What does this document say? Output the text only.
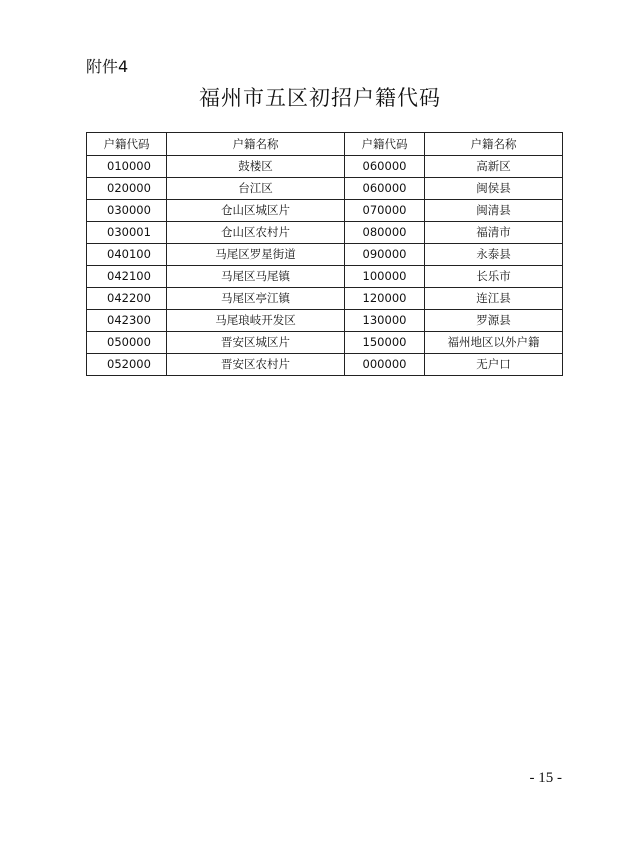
附件4
福州市五区初招户籍代码
户籍代码	户籍名称	户籍代码	户籍名称
010000	鼓楼区	060000	高新区
020000	台江区	060000	闽侯县
030000	仓山区城区片	070000	闽清县
030001	仓山区农村片	080000	福清市
040100	马尾区罗星街道	090000	永泰县
042100	马尾区马尾镇	100000	长乐市
042200	马尾区亭江镇	120000	连江县
042300	马尾琅岐开发区	130000	罗源县
050000	晋安区城区片	150000	福州地区以外户籍
052000	晋安区农村片	000000	无户口
- 15 -
